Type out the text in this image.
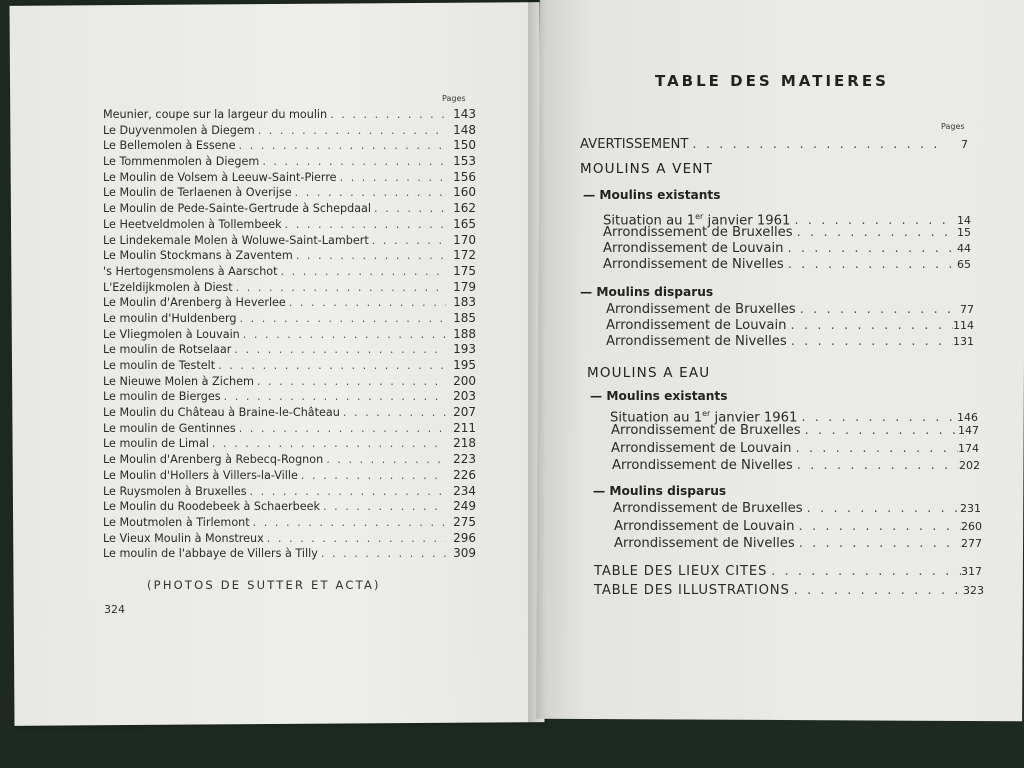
Pages
Meunier, coupe sur la largeur du moulin . . .	143
Le Duyvenmolen à Diegem . . .	148
Le Bellemolen à Essene . . .	150
Le Tommenmolen à Diegem . . .	153
Le Moulin de Volsem à Leeuw-Saint-Pierre . . .	156
Le Moulin de Terlaenen à Overijse . . .	160
Le Moulin de Pede-Sainte-Gertrude à Schepdaal . . .	162
Le Heetveldmolen à Tollembeek . . .	165
Le Lindekemale Molen à Woluwe-Saint-Lambert . . .	170
Le Moulin Stockmans à Zaventem . . .	172
's Hertogensmolens à Aarschot . . .	175
L'Ezeldijkmolen à Diest . . .	179
Le Moulin d'Arenberg à Heverlee . . .	183
Le moulin d'Huldenberg . . .	185
Le Vliegmolen à Louvain . . .	188
Le moulin de Rotselaar . . .	193
Le moulin de Testelt . . .	195
Le Nieuwe Molen à Zichem . . .	200
Le moulin de Bierges . . .	203
Le Moulin du Château à Braine-le-Château . . .	207
Le moulin de Gentinnes . . .	211
Le moulin de Limal . . .	218
Le Moulin d'Arenberg à Rebecq-Rognon . . .	223
Le Moulin d'Hollers à Villers-la-Ville . . .	226
Le Ruysmolen à Bruxelles . . .	234
Le Moulin du Roodebeek à Schaerbeek . . .	249
Le Moutmolen à Tirlemont . . .	275
Le Vieux Moulin à Monstreux . . .	296
Le moulin de l'abbaye de Villers à Tilly . . .	309
(PHOTOS DE SUTTER ET ACTA)
324
TABLE DES MATIERES
Pages
AVERTISSEMENT . . .	7
MOULINS A VENT
— Moulins existants
Situation au 1er janvier 1961 . . .	14
Arrondissement de Bruxelles . . .	15
Arrondissement de Louvain . . .	44
Arrondissement de Nivelles . . .	65
— Moulins disparus
Arrondissement de Bruxelles . . .	77
Arrondissement de Louvain . . .	114
Arrondissement de Nivelles . . .	131
MOULINS A EAU
— Moulins existants
Situation au 1er janvier 1961 . . .	146
Arrondissement de Bruxelles . . .	147
Arrondissement de Louvain . . .	174
Arrondissement de Nivelles . . .	202
— Moulins disparus
Arrondissement de Bruxelles . . .	231
Arrondissement de Louvain . . .	260
Arrondissement de Nivelles . . .	277
TABLE DES LIEUX CITES . . .	317
TABLE DES ILLUSTRATIONS . . .	323
